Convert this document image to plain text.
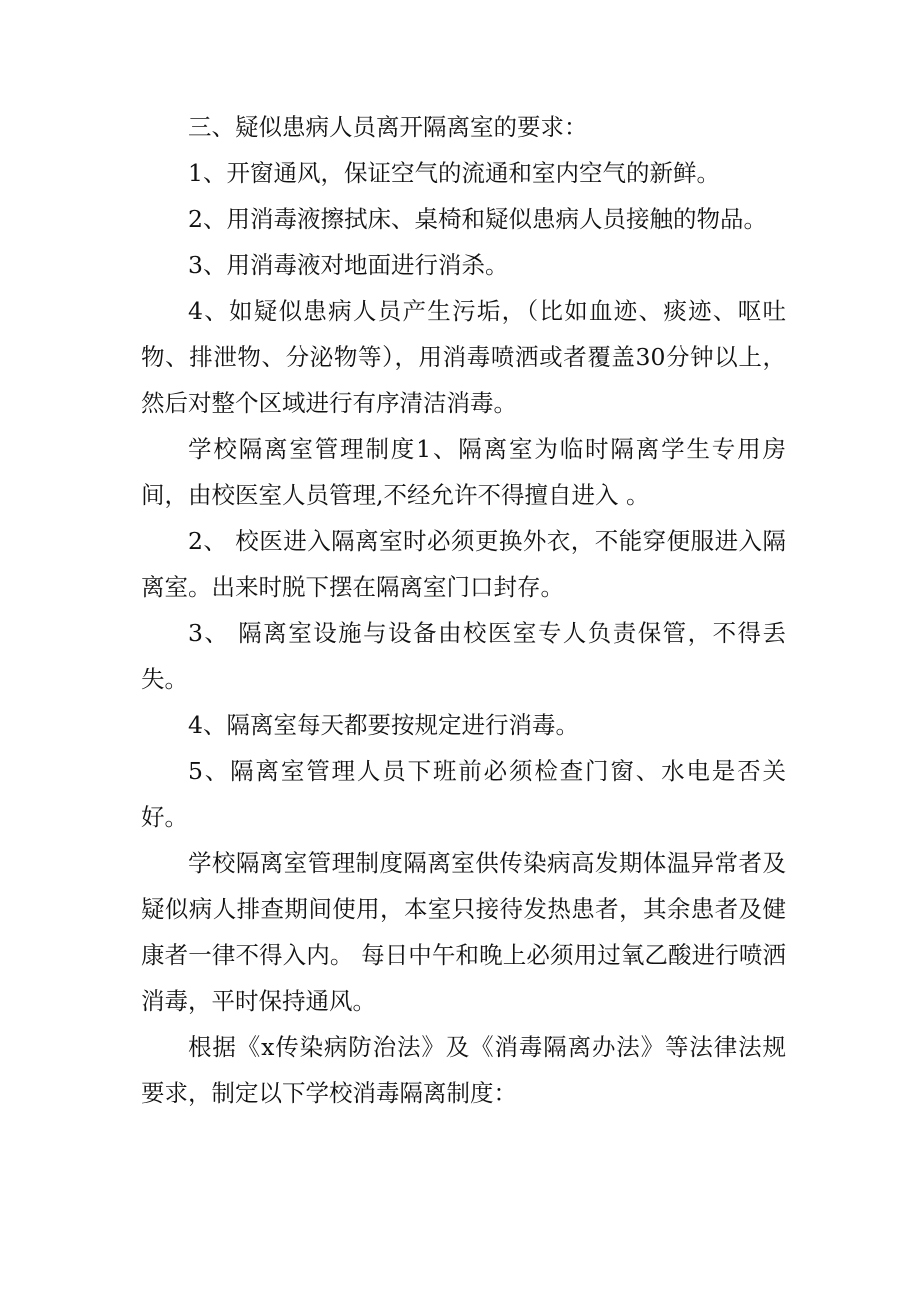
三、疑似患病人员离开隔离室的要求：

1、开窗通风，保证空气的流通和室内空气的新鲜。

2、用消毒液擦拭床、桌椅和疑似患病人员接触的物品。

3、用消毒液对地面进行消杀。

4、如疑似患病人员产生污垢，（比如血迹、痰迹、呕吐物、排泄物、分泌物等），用消毒喷洒或者覆盖30分钟以上，然后对整个区域进行有序清洁消毒。

学校隔离室管理制度1、隔离室为临时隔离学生专用房间，由校医室人员管理,不经允许不得擅自进入 。

2、 校医进入隔离室时必须更换外衣，不能穿便服进入隔离室。出来时脱下摆在隔离室门口封存。

3、 隔离室设施与设备由校医室专人负责保管，不得丢失。

4、隔离室每天都要按规定进行消毒。

5、隔离室管理人员下班前必须检查门窗、水电是否关好。

学校隔离室管理制度隔离室供传染病高发期体温异常者及疑似病人排查期间使用，本室只接待发热患者，其余患者及健康者一律不得入内。 每日中午和晚上必须用过氧乙酸进行喷洒消毒，平时保持通风。

根据《x传染病防治法》及《消毒隔离办法》等法律法规要求，制定以下学校消毒隔离制度：
